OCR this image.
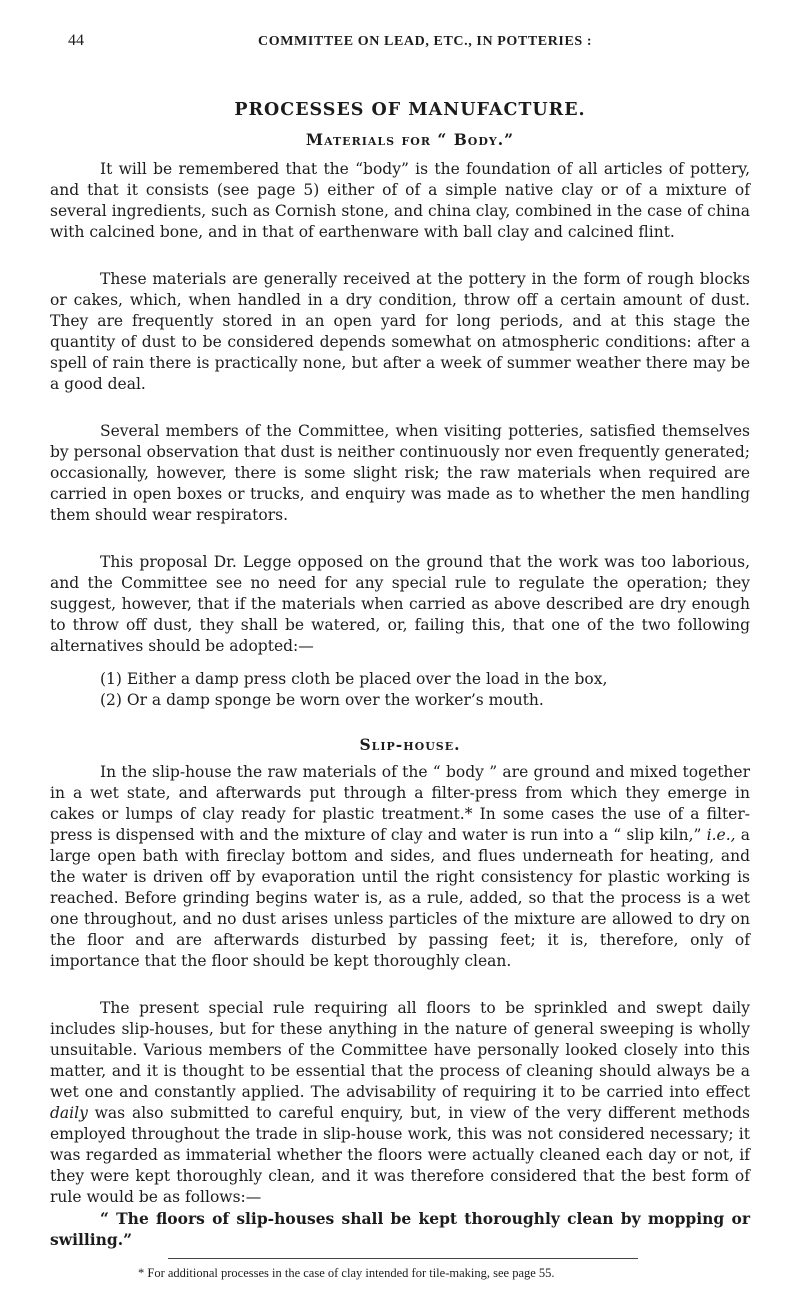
44	COMMITTEE ON LEAD, ETC., IN POTTERIES :
PROCESSES OF MANUFACTURE.
Materials for “ Body.”

It will be remembered that the “body” is the foundation of all articles of pottery, and that it consists (see page 5) either of of a simple native clay or of a mixture of several ingredients, such as Cornish stone, and china clay, combined in the case of china with calcined bone, and in that of earthenware with ball clay and calcined flint.

These materials are generally received at the pottery in the form of rough blocks or cakes, which, when handled in a dry condition, throw off a certain amount of dust. They are frequently stored in an open yard for long periods, and at this stage the quantity of dust to be considered depends somewhat on atmospheric conditions: after a spell of rain there is practically none, but after a week of summer weather there may be a good deal.

Several members of the Committee, when visiting potteries, satisfied themselves by personal observation that dust is neither continuously nor even frequently generated; occasionally, however, there is some slight risk; the raw materials when required are carried in open boxes or trucks, and enquiry was made as to whether the men handling them should wear respirators.

This proposal Dr. Legge opposed on the ground that the work was too laborious, and the Committee see no need for any special rule to regulate the operation; they suggest, however, that if the materials when carried as above described are dry enough to throw off dust, they shall be watered, or, failing this, that one of the two following alternatives should be adopted:—

(1) Either a damp press cloth be placed over the load in the box,
(2) Or a damp sponge be worn over the worker’s mouth.
Slip-house.

In the slip-house the raw materials of the “ body ” are ground and mixed together in a wet state, and afterwards put through a filter-press from which they emerge in cakes or lumps of clay ready for plastic treatment.* In some cases the use of a filter-press is dispensed with and the mixture of clay and water is run into a “ slip kiln,” i.e., a large open bath with fireclay bottom and sides, and flues underneath for heating, and the water is driven off by evaporation until the right consistency for plastic working is reached. Before grinding begins water is, as a rule, added, so that the process is a wet one throughout, and no dust arises unless particles of the mixture are allowed to dry on the floor and are afterwards disturbed by passing feet; it is, therefore, only of importance that the floor should be kept thoroughly clean.

The present special rule requiring all floors to be sprinkled and swept daily includes slip-houses, but for these anything in the nature of general sweeping is wholly unsuitable. Various members of the Committee have personally looked closely into this matter, and it is thought to be essential that the process of cleaning should always be a wet one and constantly applied. The advisability of requiring it to be carried into effect daily was also submitted to careful enquiry, but, in view of the very different methods employed throughout the trade in slip-house work, this was not considered necessary; it was regarded as immaterial whether the floors were actually cleaned each day or not, if they were kept thoroughly clean, and it was therefore considered that the best form of rule would be as follows:—

“ The floors of slip-houses shall be kept thoroughly clean by mopping or swilling.”

* For additional processes in the case of clay intended for tile-making, see page 55.
